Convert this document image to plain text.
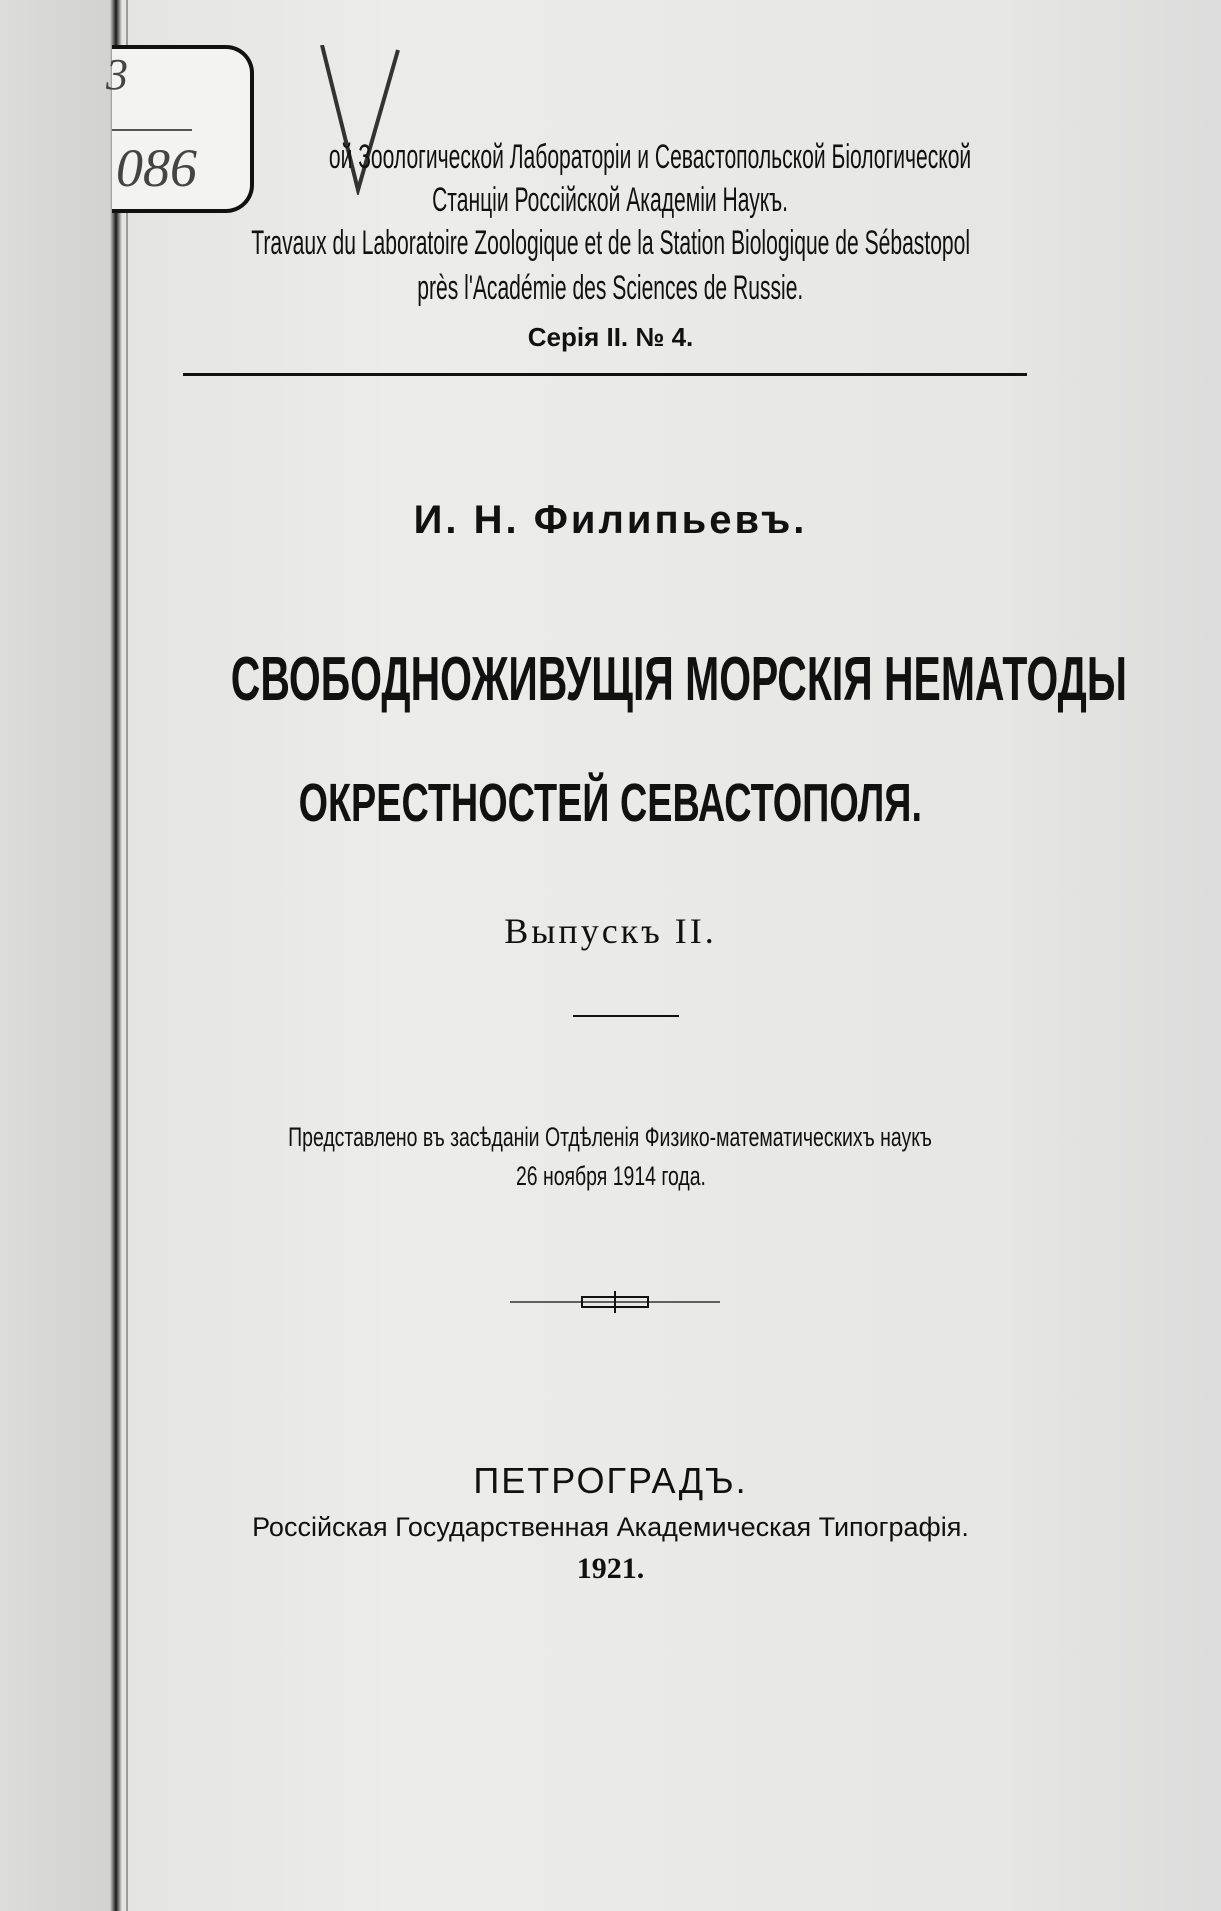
3
086	ой Зоологической Лабораторіи и Севастопольской Біологической
Станціи Россійской Академіи Наукъ.
Travaux du Laboratoire Zoologique et de la Station Biologique de Sébastopol
près l'Académie des Sciences de Russie.
Серія II. № 4.
И. Н. Филипьевъ.
СВОБОДНОЖИВУЩІЯ МОРСКІЯ НЕМАТОДЫ
ОКРЕСТНОСТЕЙ СЕВАСТОПОЛЯ.
Выпускъ II.
Представлено въ засѣданіи Отдѣленія Физико-математическихъ наукъ
26 ноября 1914 года.
ПЕТРОГРАДЪ.
Россійская Государственная Академическая Типографія.
1921.
